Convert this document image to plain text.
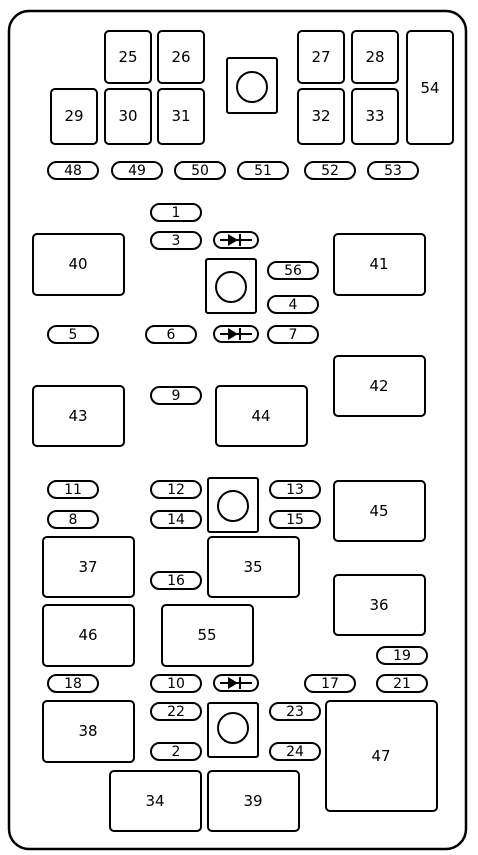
25 26	27 28
29 30 31	32 33
54
40	41
42
43	44
45
37	35
36
46	55
38
34	39
47
48	49	50	51	52	53
1
3
56
4
5	6	7
9
11	12	13
8	14	15
16
19
18	10	17	21
22	23
2	24
